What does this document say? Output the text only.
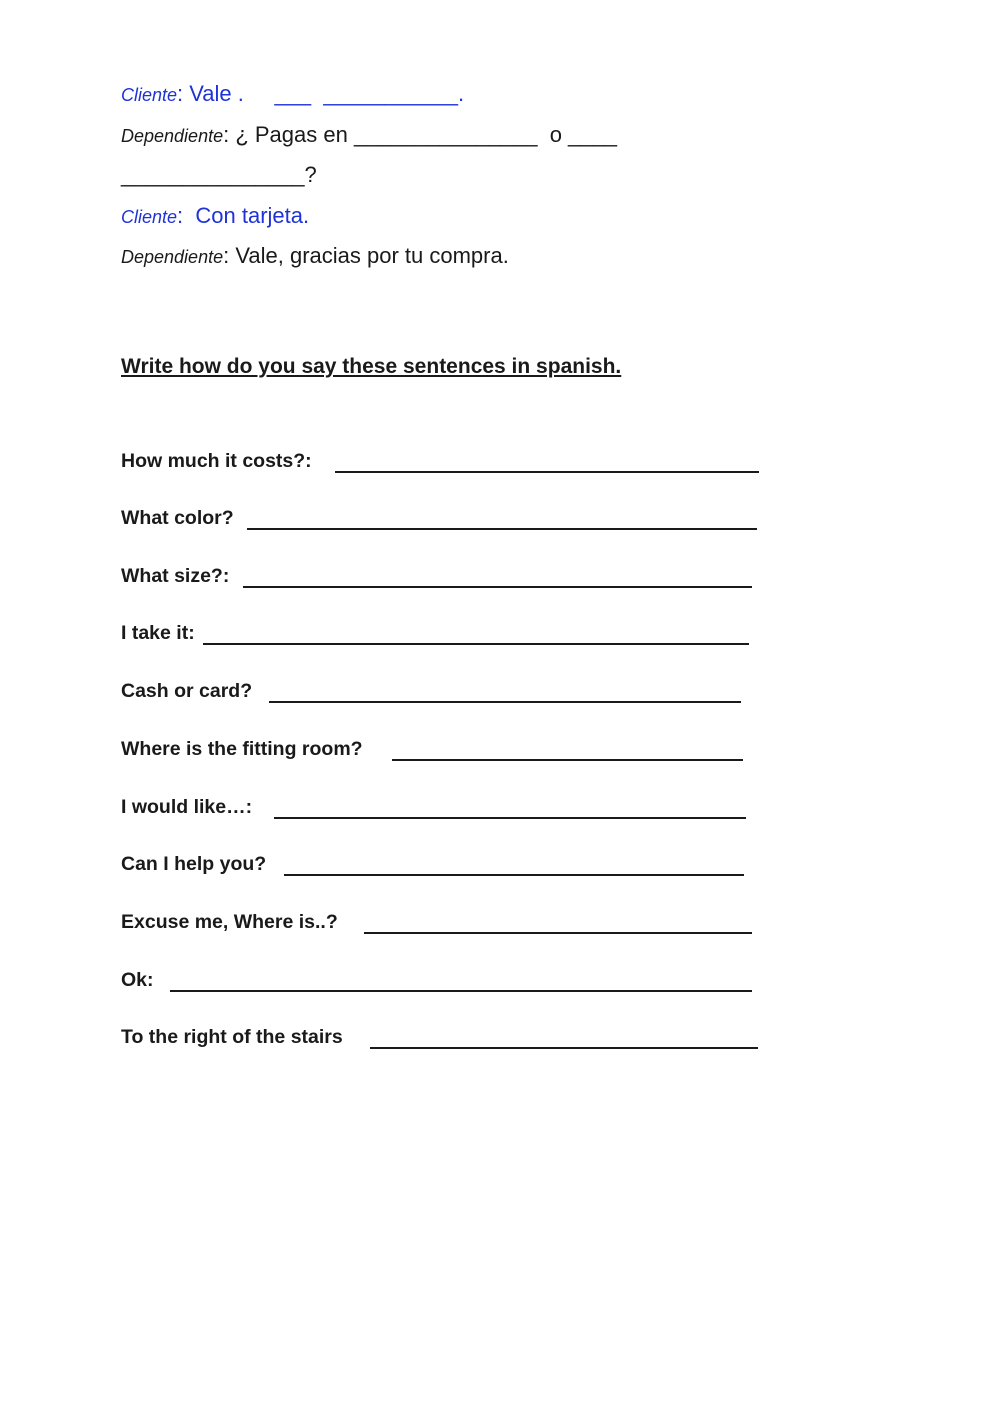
Cliente: Vale .     ___  ___________.
Dependiente: ¿ Pagas en _______________  o ____
_______________?
Cliente:  Con tarjeta.
Dependiente: Vale, gracias por tu compra.
Write how do you say these sentences in spanish.
How much it costs?:
What color?
What size?:
I take it:
Cash or card?
Where is the fitting room?
I would like…:
Can I help you?
Excuse me, Where is..?
Ok:
To the right of the stairs
